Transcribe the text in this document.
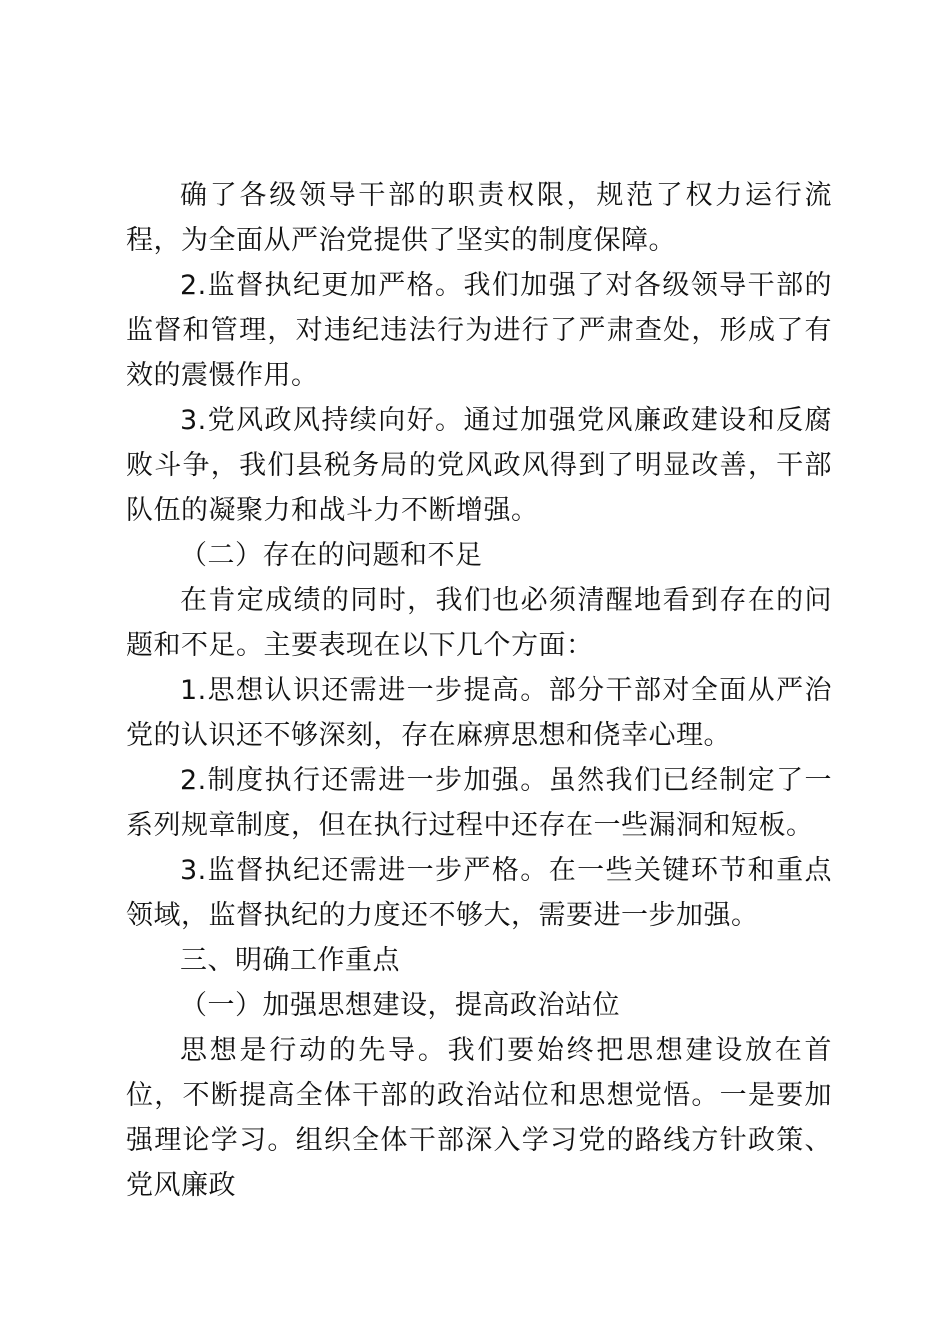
确了各级领导干部的职责权限，规范了权力运行流程，为全面从严治党提供了坚实的制度保障。

2.监督执纪更加严格。我们加强了对各级领导干部的监督和管理，对违纪违法行为进行了严肃查处，形成了有效的震慑作用。

3.党风政风持续向好。通过加强党风廉政建设和反腐败斗争，我们县税务局的党风政风得到了明显改善，干部队伍的凝聚力和战斗力不断增强。

（二）存在的问题和不足

在肯定成绩的同时，我们也必须清醒地看到存在的问题和不足。主要表现在以下几个方面：

1.思想认识还需进一步提高。部分干部对全面从严治党的认识还不够深刻，存在麻痹思想和侥幸心理。

2.制度执行还需进一步加强。虽然我们已经制定了一系列规章制度，但在执行过程中还存在一些漏洞和短板。

3.监督执纪还需进一步严格。在一些关键环节和重点领域，监督执纪的力度还不够大，需要进一步加强。

三、明确工作重点

（一）加强思想建设，提高政治站位

思想是行动的先导。我们要始终把思想建设放在首位，不断提高全体干部的政治站位和思想觉悟。一是要加强理论学习。组织全体干部深入学习党的路线方针政策、党风廉政
